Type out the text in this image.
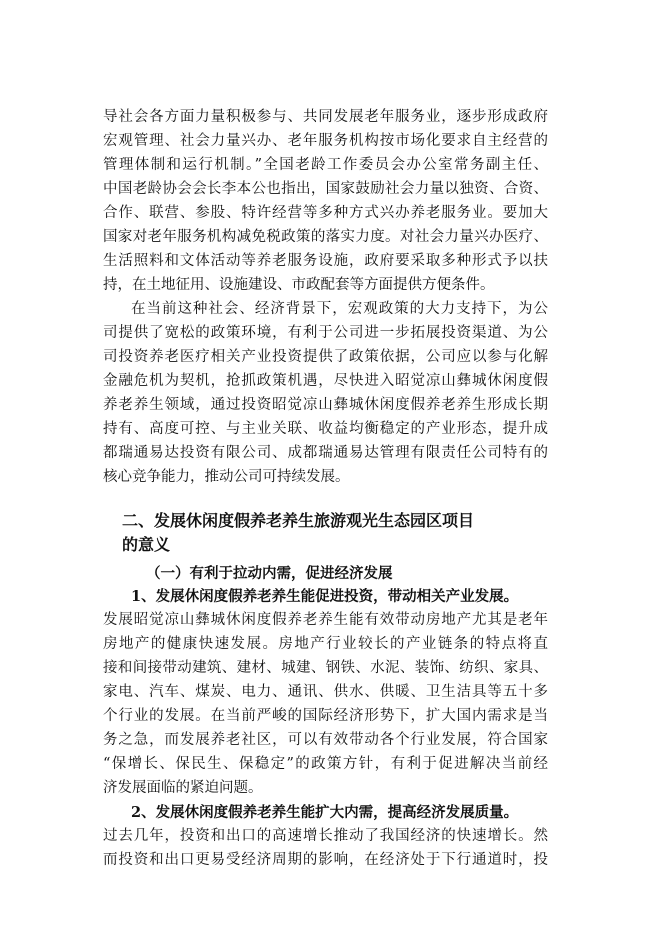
导社会各方面力量积极参与、共同发展老年服务业，逐步形成政府
宏观管理、社会力量兴办、老年服务机构按市场化要求自主经营的
管理体制和运行机制。”全国老龄工作委员会办公室常务副主任、
中国老龄协会会长李本公也指出，国家鼓励社会力量以独资、合资、
合作、联营、参股、特许经营等多种方式兴办养老服务业。要加大
国家对老年服务机构减免税政策的落实力度。对社会力量兴办医疗、
生活照料和文体活动等养老服务设施，政府要采取多种形式予以扶
持，在土地征用、设施建设、市政配套等方面提供方便条件。
在当前这种社会、经济背景下，宏观政策的大力支持下，为公
司提供了宽松的政策环境，有利于公司进一步拓展投资渠道、为公
司投资养老医疗相关产业投资提供了政策依据，公司应以参与化解
金融危机为契机，抢抓政策机遇，尽快进入昭觉凉山彝城休闲度假
养老养生领域，通过投资昭觉凉山彝城休闲度假养老养生形成长期
持有、高度可控、与主业关联、收益均衡稳定的产业形态，提升成
都瑞通易达投资有限公司、成都瑞通易达管理有限责任公司特有的
核心竞争能力，推动公司可持续发展。
二、发展休闲度假养老养生旅游观光生态园区项目
的意义
（一）有利于拉动内需，促进经济发展
1、发展休闲度假养老养生能促进投资，带动相关产业发展。
发展昭觉凉山彝城休闲度假养老养生能有效带动房地产尤其是老年
房地产的健康快速发展。房地产行业较长的产业链条的特点将直
接和间接带动建筑、建材、城建、钢铁、水泥、装饰、纺织、家具、
家电、汽车、煤炭、电力、通讯、供水、供暖、卫生洁具等五十多
个行业的发展。在当前严峻的国际经济形势下，扩大国内需求是当
务之急，而发展养老社区，可以有效带动各个行业发展，符合国家
“保增长、保民生、保稳定”的政策方针，有利于促进解决当前经
济发展面临的紧迫问题。
2、发展休闲度假养老养生能扩大内需，提高经济发展质量。
过去几年，投资和出口的高速增长推动了我国经济的快速增长。然
而投资和出口更易受经济周期的影响，在经济处于下行通道时，投
